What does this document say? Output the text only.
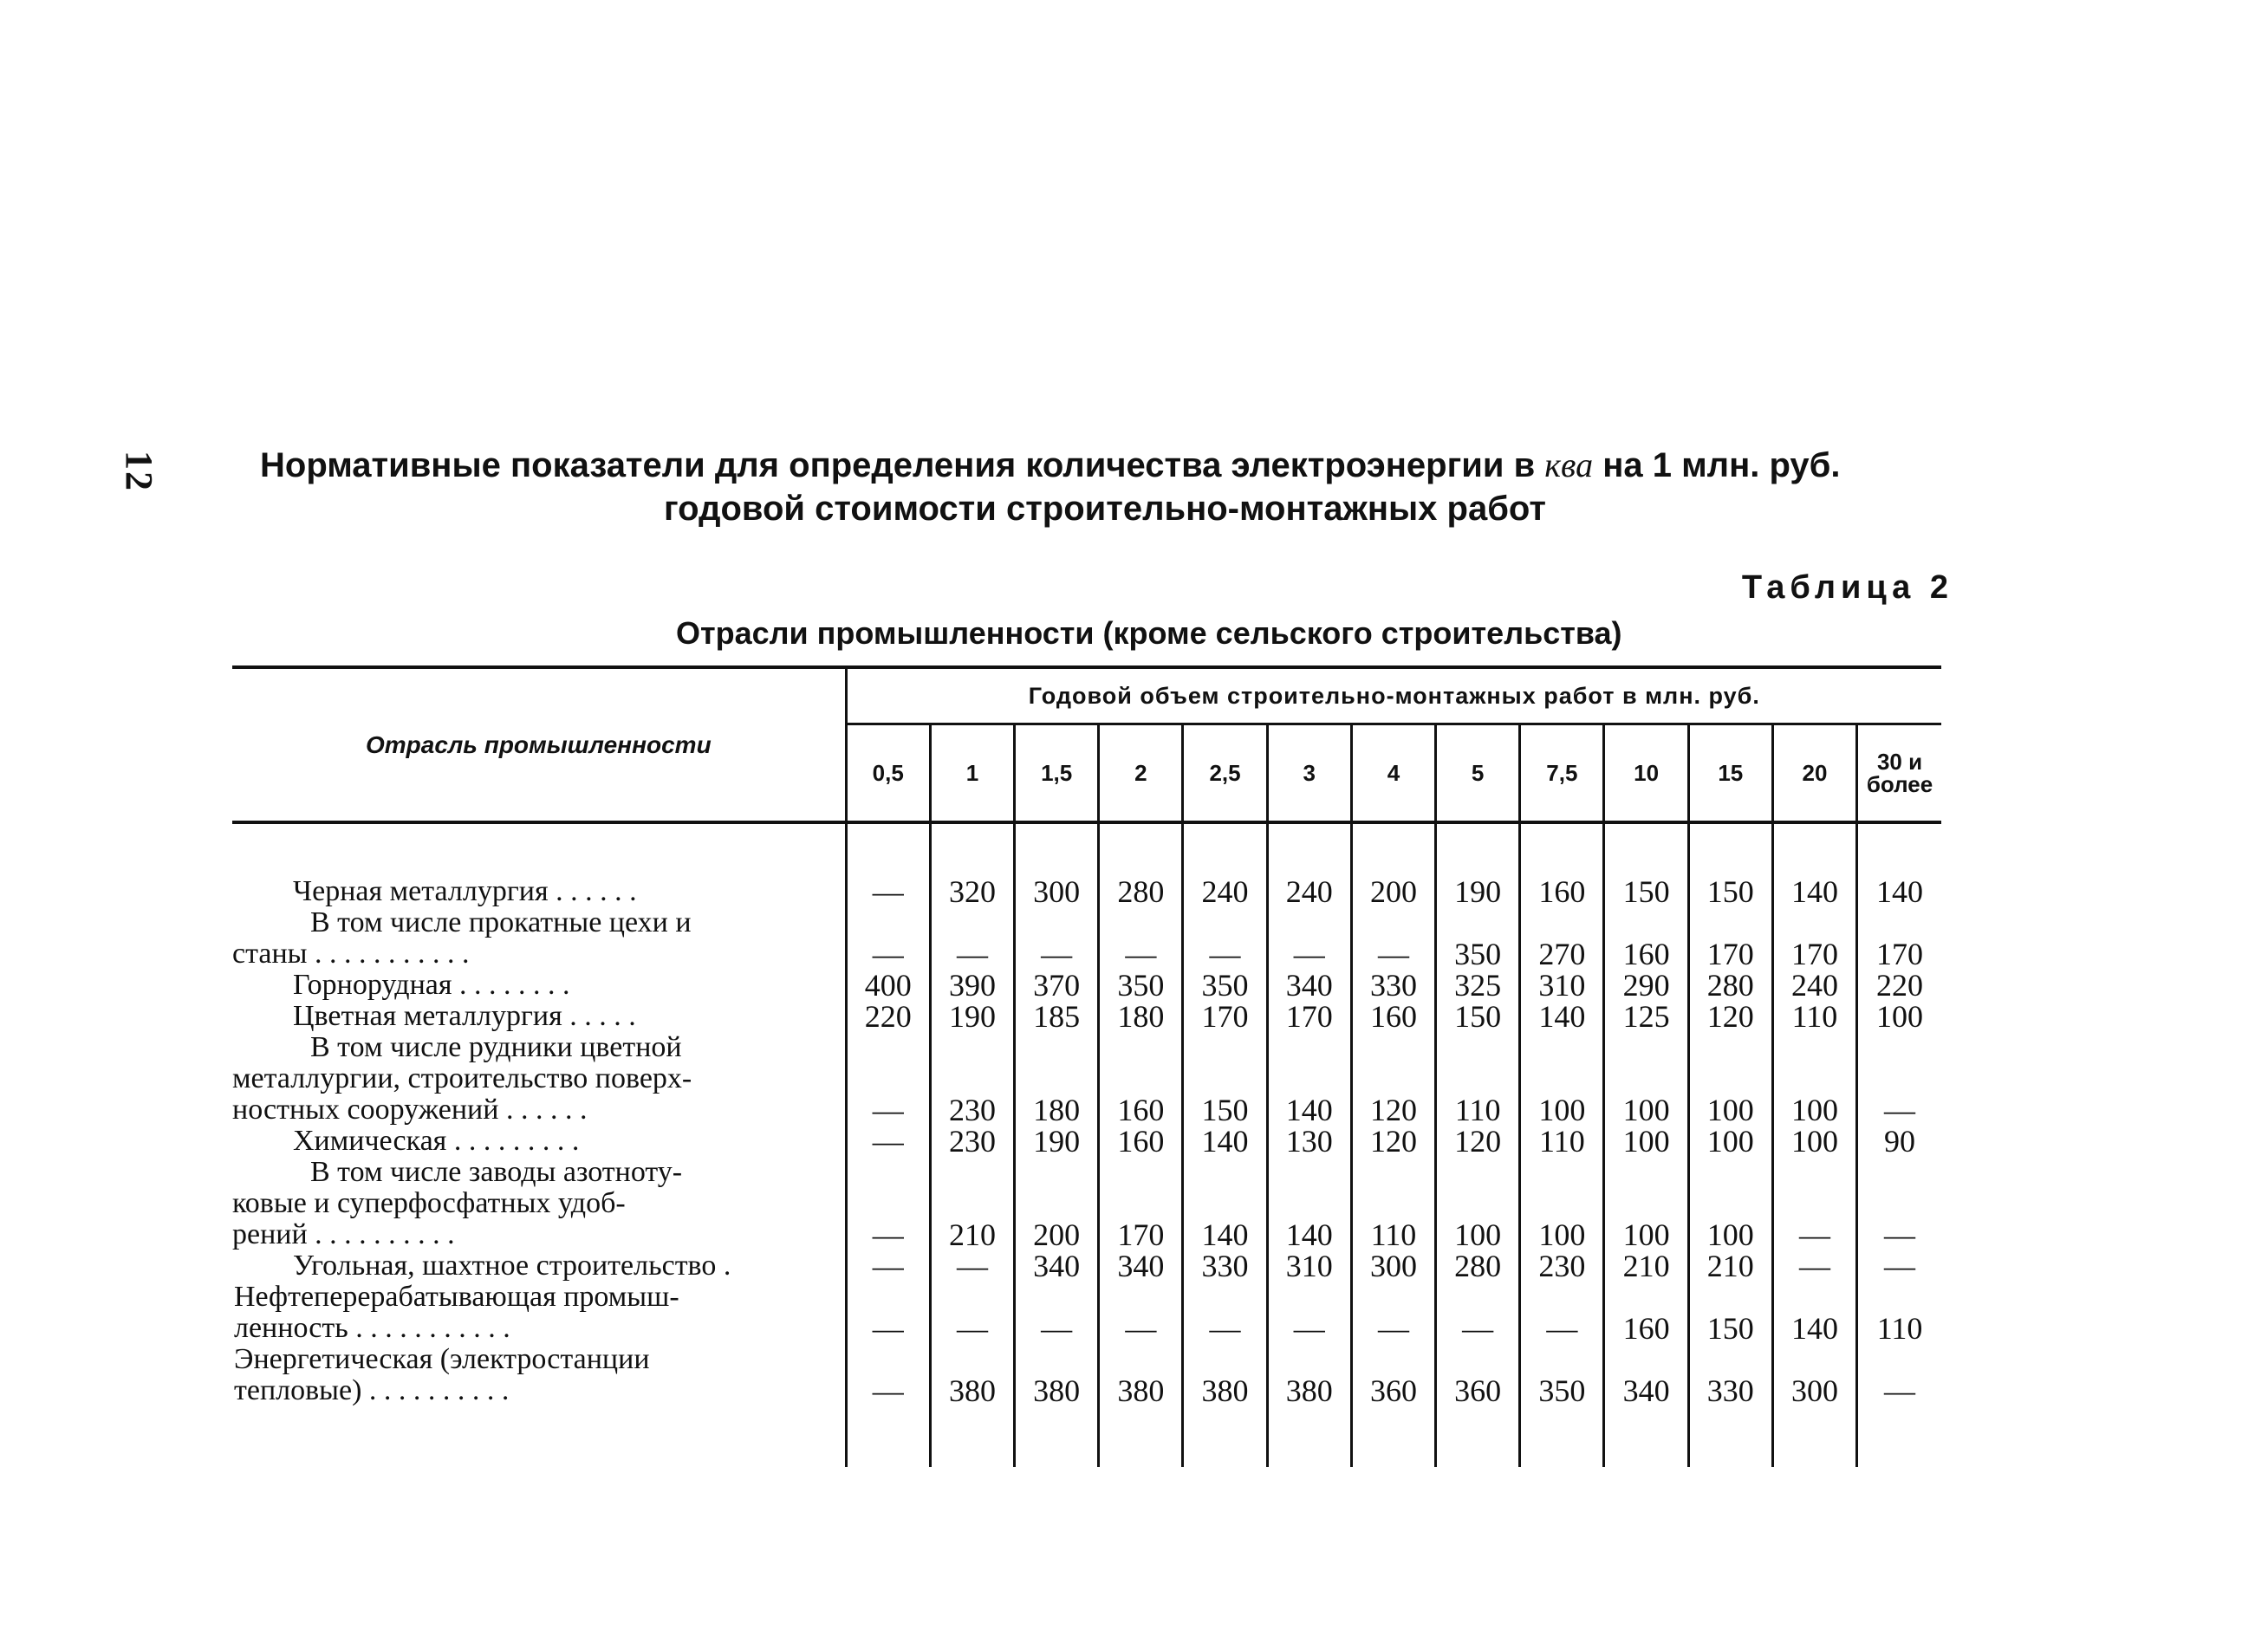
12	Нормативные показатели для определения количества электроэнергии в ква на 1 млн. руб.
годовой стоимости строительно-монтажных работ
Таблица 2
Отрасли промышленности (кроме сельского строительства)
Отрасль промышленности	Годовой объем строительно-монтажных работ в млн. руб.												
	0,5	1	1,5	2	2,5	3	4	5	7,5	10	15	20	30 и более

Черная металлургия . . . . . .	—	320	300	280	240	240	200	190	160	150	150	140	140
В том числе прокатные цехи и
станы . . . . . . . . . . .	—	—	—	—	—	—	—	350	270	160	170	170	170
Горнорудная . . . . . . . .	400	390	370	350	350	340	330	325	310	290	280	240	220
Цветная металлургия . . . . .	220	190	185	180	170	170	160	150	140	125	120	110	100
В том числе рудники цветной
металлургии, строительство поверх-
ностных сооружений . . . . . .	—	230	180	160	150	140	120	110	100	100	100	100	—
Химическая . . . . . . . . .	—	230	190	160	140	130	120	120	110	100	100	100	90
В том числе заводы азотноту-
ковые и суперфосфатных удоб-
рений . . . . . . . . . .	—	210	200	170	140	140	110	100	100	100	100	—	—
Угольная, шахтное строительство .	—	—	340	340	330	310	300	280	230	210	210	—	—
Нефтеперерабатывающая промыш-
ленность . . . . . . . . . . .	—	—	—	—	—	—	—	—	—	160	150	140	110
Энергетическая (электростанции
тепловые) . . . . . . . . . .	—	380	380	380	380	380	360	360	350	340	330	300	—
